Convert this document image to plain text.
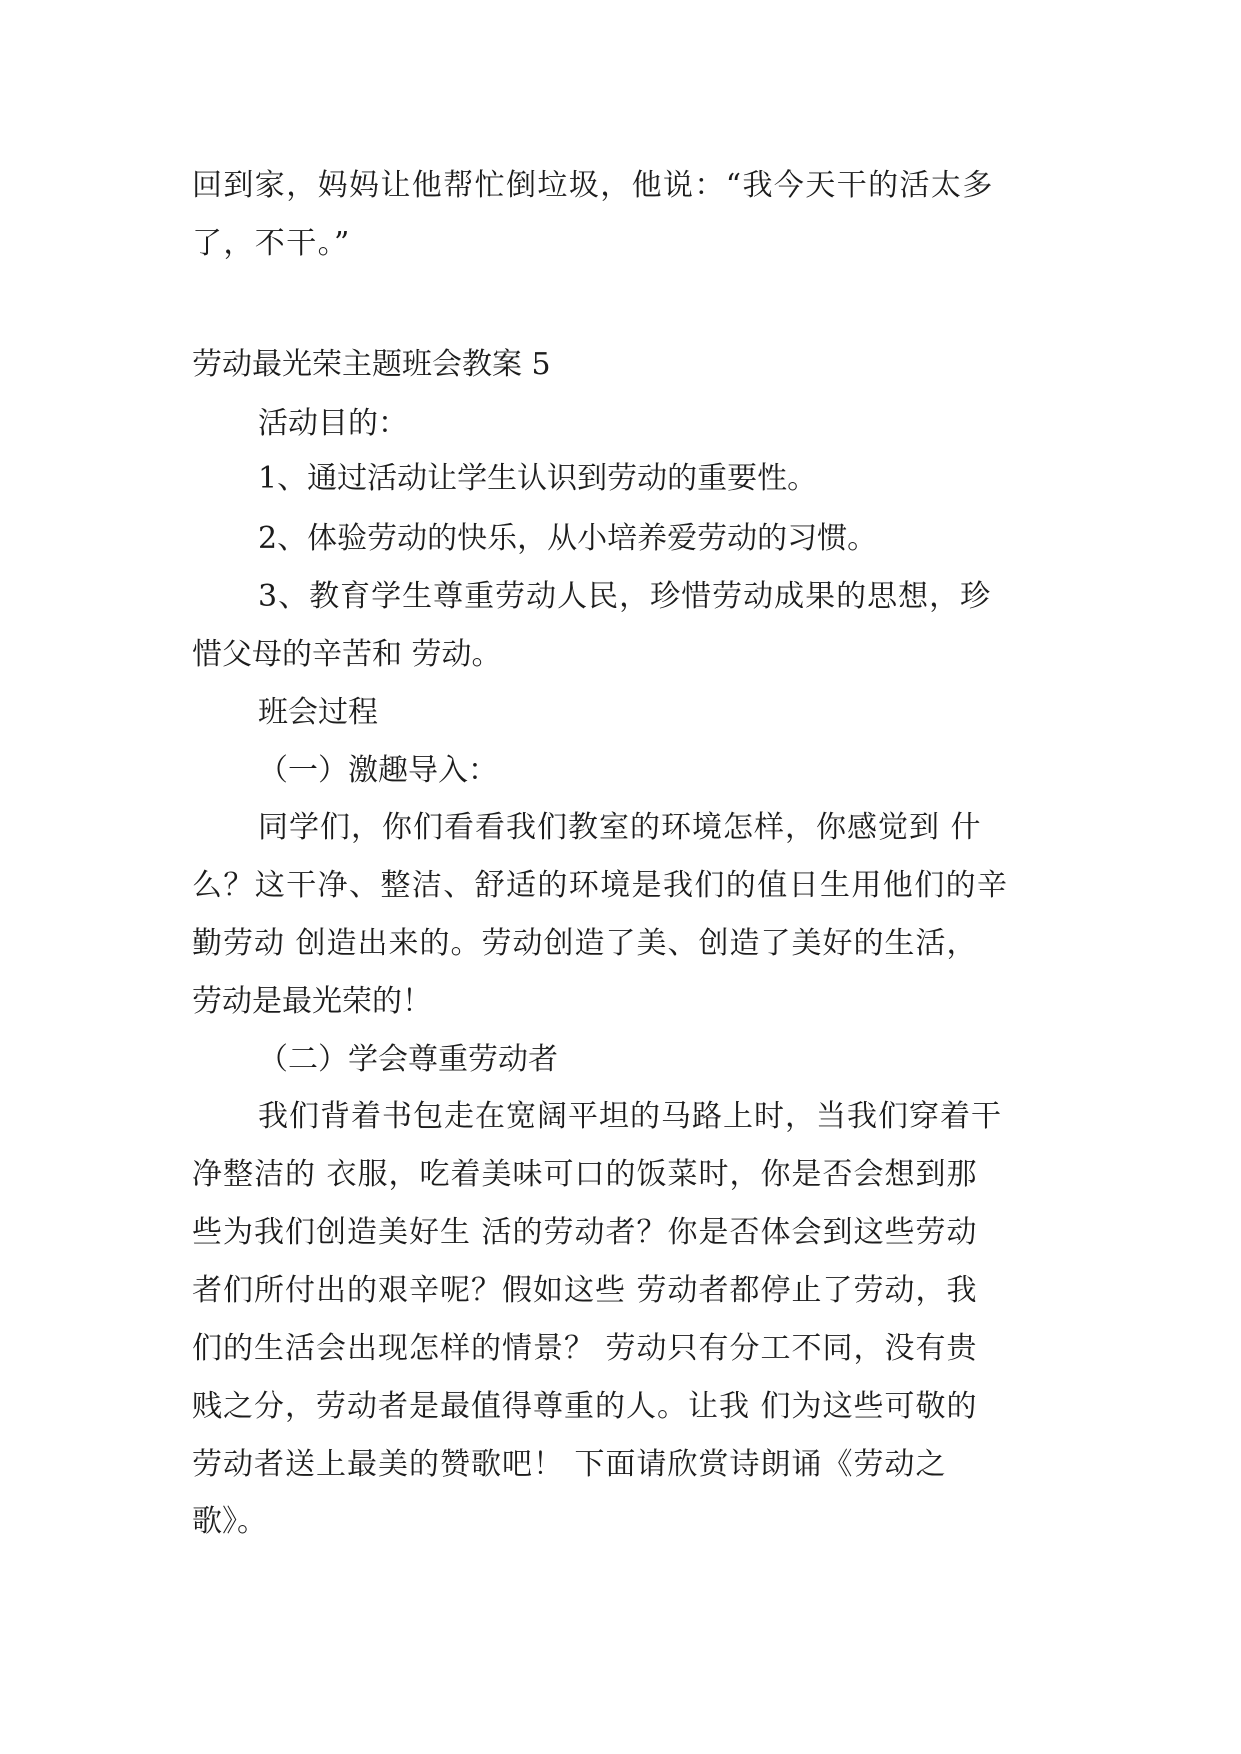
回到家，妈妈让他帮忙倒垃圾，他说：“我今天干的活太多

了，不干。”

劳动最光荣主题班会教案 5

活动目的：

1、通过活动让学生认识到劳动的重要性。

2、体验劳动的快乐，从小培养爱劳动的习惯。

3、教育学生尊重劳动人民，珍惜劳动成果的思想，珍

惜父母的辛苦和 劳动。

班会过程

（一）激趣导入：

同学们，你们看看我们教室的环境怎样，你感觉到 什

么？这干净、整洁、舒适的环境是我们的值日生用他们的辛

勤劳动 创造出来的。劳动创造了美、创造了美好的生活，

劳动是最光荣的！

（二）学会尊重劳动者

我们背着书包走在宽阔平坦的马路上时，当我们穿着干

净整洁的 衣服，吃着美味可口的饭菜时，你是否会想到那

些为我们创造美好生 活的劳动者？你是否体会到这些劳动

者们所付出的艰辛呢？假如这些 劳动者都停止了劳动，我

们的生活会出现怎样的情景？ 劳动只有分工不同，没有贵

贱之分，劳动者是最值得尊重的人。让我 们为这些可敬的

劳动者送上最美的赞歌吧！ 下面请欣赏诗朗诵《劳动之

歌》。
